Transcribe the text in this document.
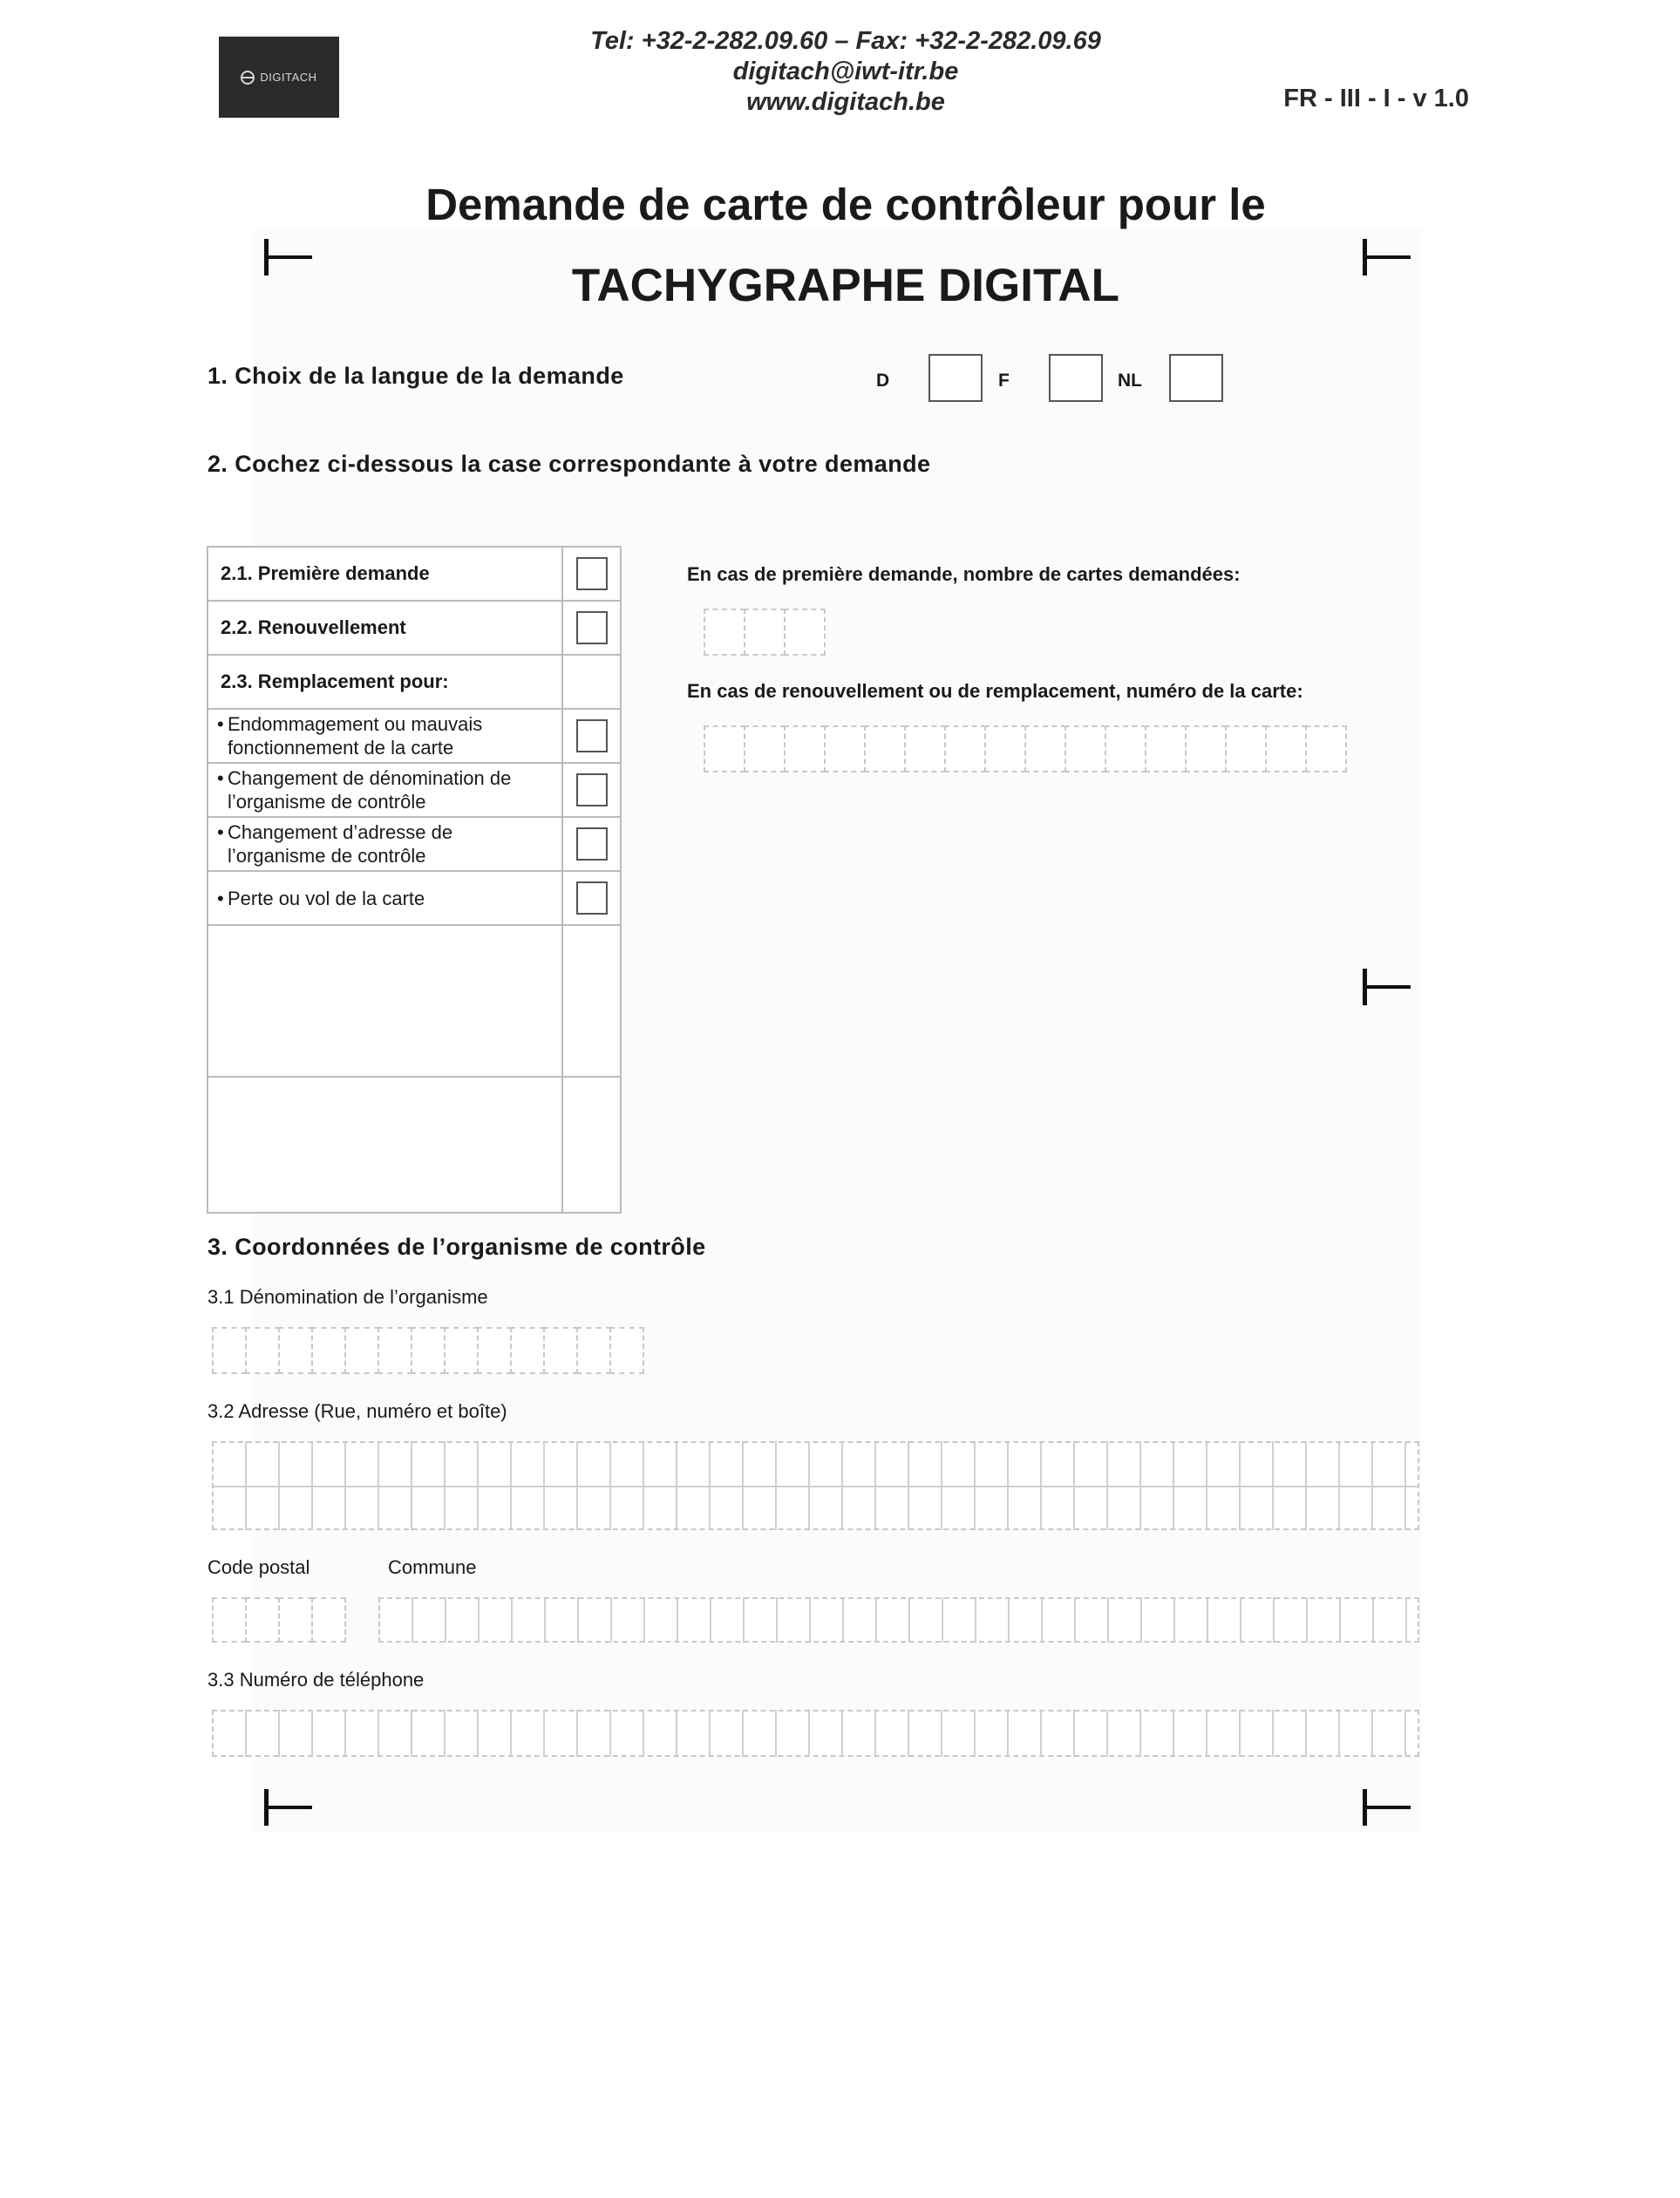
DIGITACH
Tel: +32-2-282.09.60 – Fax: +32-2-282.09.69
digitach@iwt-itr.be
www.digitach.be	FR - III - I - v 1.0
Demande de carte de contrôleur pour le
TACHYGRAPHE DIGITAL
1. Choix de la langue de la demande	D	F	NL
2. Cochez ci-dessous la case correspondante à votre demande
2.1. Première demande	
2.2. Renouvellement	
2.3. Remplacement pour:	
• Endommagement ou mauvais fonctionnement de la carte	
• Changement de dénomination de l’organisme de contrôle	
• Changement d’adresse de l’organisme de contrôle	
• Perte ou vol de la carte	

En cas de première demande, nombre de cartes demandées:
En cas de renouvellement ou de remplacement, numéro de la carte:
3. Coordonnées de l’organisme de contrôle
3.1 Dénomination de l’organisme
3.2 Adresse (Rue, numéro et boîte)
Code postal	Commune
3.3 Numéro de téléphone
